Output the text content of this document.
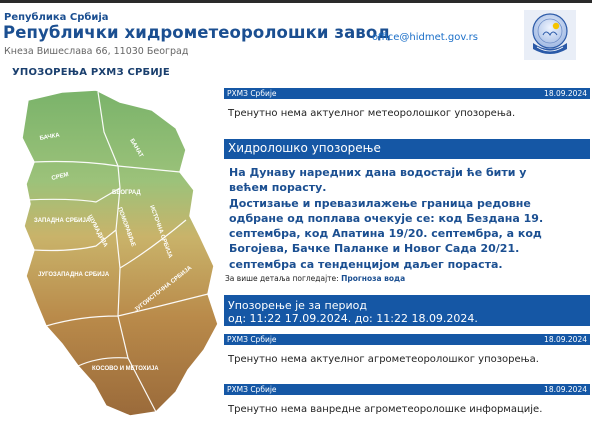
Република Србија
Републички хидрометеоролошки завод
Кнеза Вишеслава 66, 11030 Београд
office@hidmet.gov.rs
УПОЗОРЕЊА РХМЗ СРБИЈЕ
БАЧКА
БАНАТ
СРЕМ
БЕОГРАД
ЗАПАДНА СРБИЈА
ШУМАДИЈА ПОМОРАВЉЕ ИСТОЧНА СРБИЈА
ЈУГОЗАПАДНА СРБИЈА	ЈУГОИСТОЧНА СРБИЈА
КОСОВО И МЕТОХИЈА
РХМЗ Србије	18.09.2024
Тренутно нема актуелног метеоролошког упозорења.
Хидролошко упозорење
На Дунаву наредних дана водостаји ће бити у
већем порасту.
Достизање и превазилажење граница редовне
одбране од поплава очекује се: код Бездана 19.
септембра, код Апатина 19/20. септембра, а код
Богојева, Бачке Паланке и Новог Сада 20/21.
септембра са тенденцијом даљег пораста.
За више детаља погледајте: Прогноза вода
Упозорење је за период
од: 11:22 17.09.2024. до: 11:22 18.09.2024.
РХМЗ Србије	18.09.2024
Тренутно нема актуелног агрометеоролошког упозорења.
РХМЗ Србије	18.09.2024
Тренутно нема ванредне агрометеоролошке информације.
